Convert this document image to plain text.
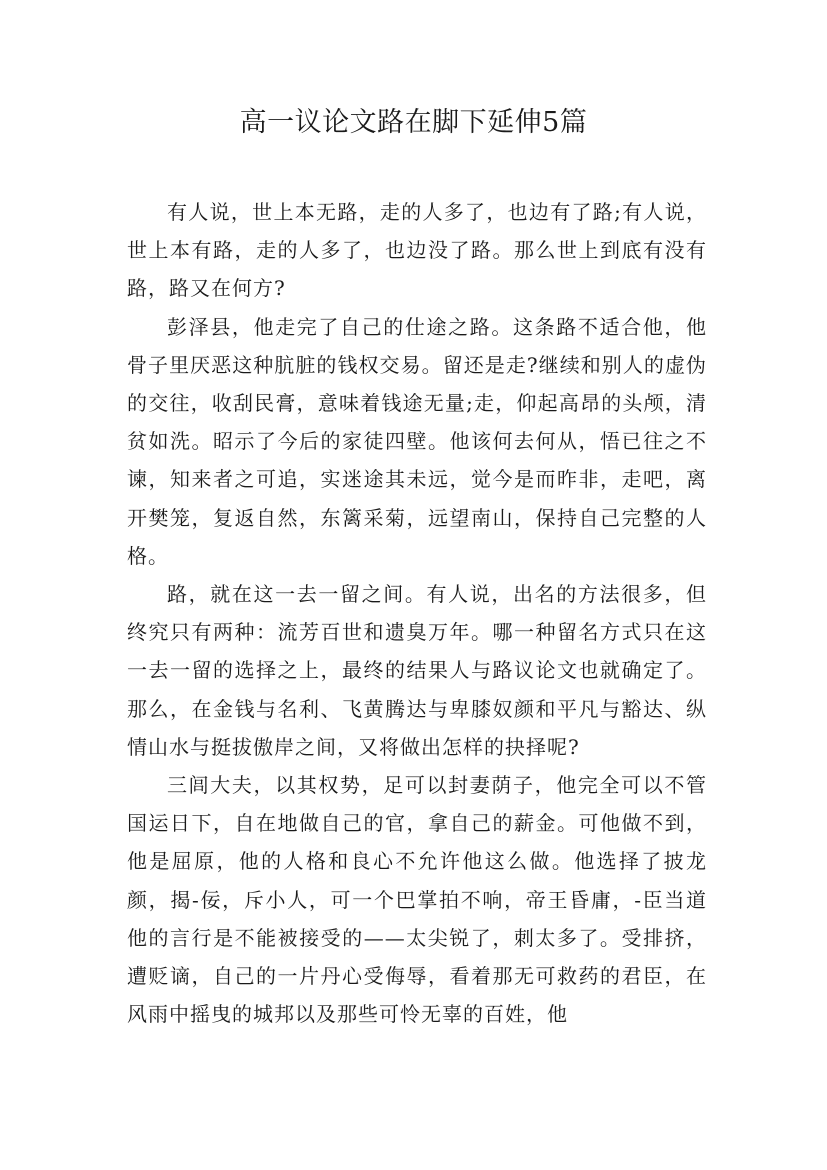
高一议论文路在脚下延伸5篇

有人说，世上本无路，走的人多了，也边有了路;有人说，世上本有路，走的人多了，也边没了路。那么世上到底有没有路，路又在何方?

彭泽县，他走完了自己的仕途之路。这条路不适合他，他骨子里厌恶这种肮脏的钱权交易。留还是走?继续和别人的虚伪的交往，收刮民膏，意味着钱途无量;走，仰起高昂的头颅，清贫如洗。昭示了今后的家徒四壁。他该何去何从，悟已往之不谏，知来者之可追，实迷途其未远，觉今是而昨非，走吧，离开樊笼，复返自然，东篱采菊，远望南山，保持自己完整的人格。

路，就在这一去一留之间。有人说，出名的方法很多，但终究只有两种：流芳百世和遗臭万年。哪一种留名方式只在这一去一留的选择之上，最终的结果人与路议论文也就确定了。那么，在金钱与名利、飞黄腾达与卑膝奴颜和平凡与豁达、纵情山水与挺拔傲岸之间，又将做出怎样的抉择呢?

三闾大夫，以其权势，足可以封妻荫子，他完全可以不管国运日下，自在地做自己的官，拿自己的薪金。可他做不到，他是屈原，他的人格和良心不允许他这么做。他选择了披龙颜，揭-佞，斥小人，可一个巴掌拍不响，帝王昏庸，-臣当道他的言行是不能被接受的——太尖锐了，刺太多了。受排挤，遭贬谪，自己的一片丹心受侮辱，看着那无可救药的君臣，在风雨中摇曳的城邦以及那些可怜无辜的百姓，他
